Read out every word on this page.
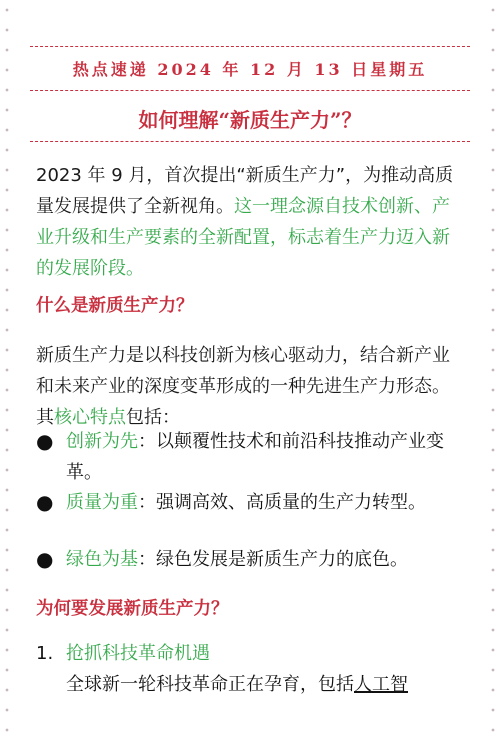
热点速递 2024 年 12 月 13 日星期五
如何理解“新质生产力”？
2023 年 9 月，首次提出“新质生产力”，为推动高质量发展提供了全新视角。这一理念源自技术创新、产业升级和生产要素的全新配置，标志着生产力迈入新的发展阶段。
什么是新质生产力？
新质生产力是以科技创新为核心驱动力，结合新产业和未来产业的深度变革形成的一种先进生产力形态。其核心特点包括：
● 创新为先：以颠覆性技术和前沿科技推动产业变革。
● 质量为重：强调高效、高质量的生产力转型。
● 绿色为基：绿色发展是新质生产力的底色。
为何要发展新质生产力？
1. 抢抓科技革命机遇
全球新一轮科技革命正在孕育，包括人工智
